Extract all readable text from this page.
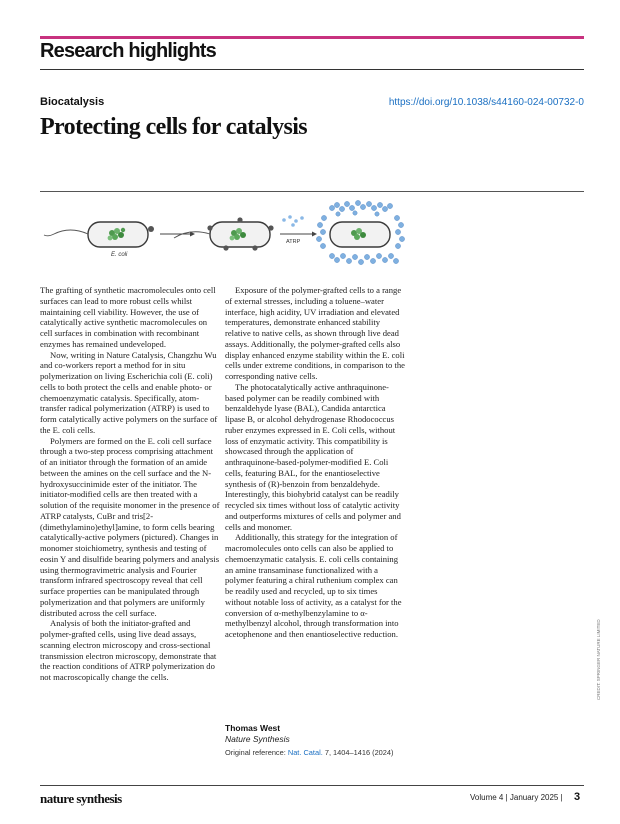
Research highlights
Biocatalysis	https://doi.org/10.1038/s44160-024-00732-0
Protecting cells for catalysis
E. coli
ATRP

The grafting of synthetic macromolecules onto cell surfaces can lead to more robust cells whilst maintaining cell viability. However, the use of catalytically active synthetic macromolecules on cell surfaces in combination with recombinant enzymes has remained undeveloped.

Now, writing in Nature Catalysis, Changzhu Wu and co-workers report a method for in situ polymerization on living Escherichia coli (E. coli) cells to both protect the cells and enable photo- or chemoenzymatic catalysis. Specifically, atom-transfer radical polymerization (ATRP) is used to form catalytically active polymers on the surface of the E. coli cells.

Polymers are formed on the E. coli cell surface through a two-step process comprising attachment of an initiator through the formation of an amide between the amines on the cell surface and the N-hydroxysuccinimide ester of the initiator. The initiator-modified cells are then treated with a solution of the requisite monomer in the presence of ATRP catalysts, CuBr and tris[2-(dimethylamino)ethyl]amine, to form cells bearing catalytically-active polymers (pictured). Changes in monomer stoichiometry, synthesis and testing of eosin Y and disulfide bearing polymers and analysis using thermogravimetric analysis and Fourier transform infrared spectroscopy reveal that cell surface properties can be manipulated through polymerization and that polymers are uniformly distributed across the cell surface.

Analysis of both the initiator-grafted and polymer-grafted cells, using live dead assays, scanning electron microscopy and cross-sectional transmission electron microscopy, demonstrate that the reaction conditions of ATRP polymerization do not macroscopically change the cells.

Exposure of the polymer-grafted cells to a range of external stresses, including a toluene–water interface, high acidity, UV irradiation and elevated temperatures, demonstrate enhanced stability relative to native cells, as shown through live dead assays. Additionally, the polymer-grafted cells also display enhanced enzyme stability within the E. coli cells under extreme conditions, in comparison to the corresponding native cells.

The photocatalytically active anthraquinone-based polymer can be readily combined with benzaldehyde lyase (BAL), Candida antarctica lipase B, or alcohol dehydrogenase Rhodococcus ruber enzymes expressed in E. Coli cells, without loss of enzymatic activity. This compatibility is showcased through the application of anthraquinone-based-polymer-modified E. Coli cells, featuring BAL, for the enantioselective synthesis of (R)-benzoin from benzaldehyde. Interestingly, this biohybrid catalyst can be readily recycled six times without loss of catalytic activity and outperforms mixtures of cells and polymer and cells and monomer.

Additionally, this strategy for the integration of macromolecules onto cells can also be applied to chemoenzymatic catalysis. E. coli cells containing an amine transaminase functionalized with a polymer featuring a chiral ruthenium complex can be readily used and recycled, up to six times without notable loss of activity, as a catalyst for the conversion of α-methylbenzylamine to α-methylbenzyl alcohol, through transformation into acetophenone and then enantioselective reduction.

Thomas West
Nature Synthesis
Original reference: Nat. Catal. 7, 1404–1416 (2024)
CREDIT: SPRINGER NATURE LIMITED
nature synthesis	Volume 4 | January 2025 | 3
